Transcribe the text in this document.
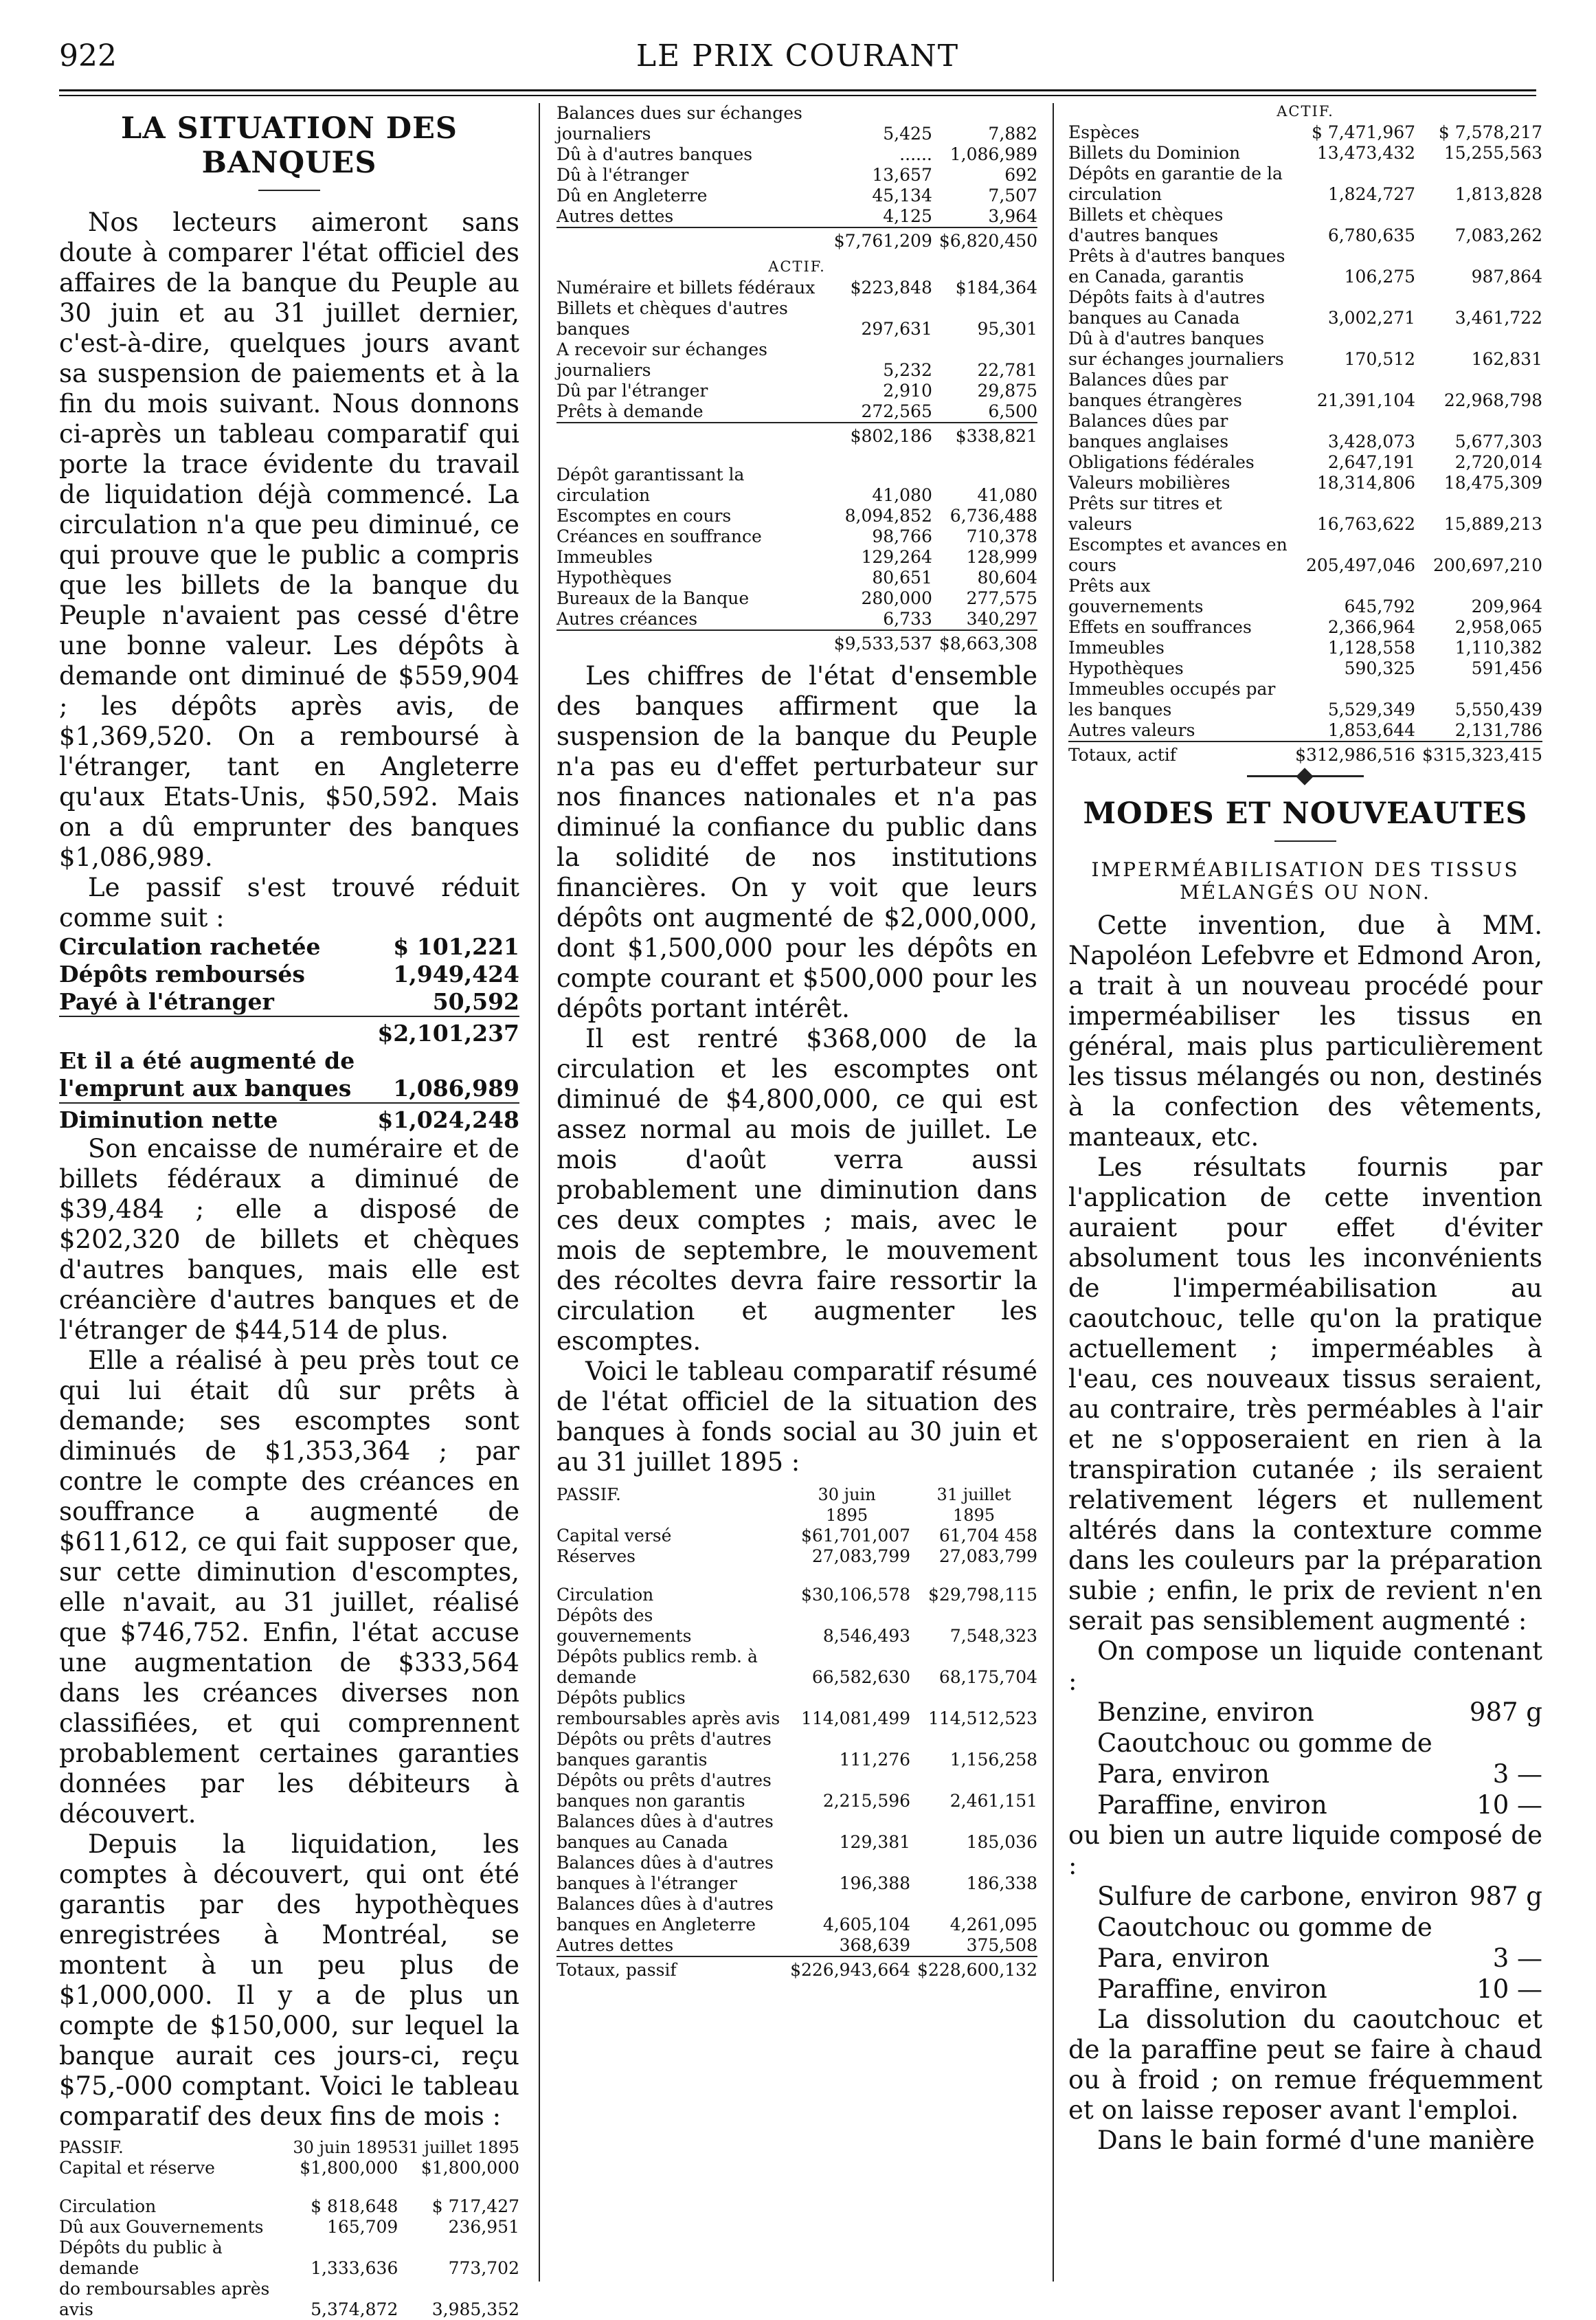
922	LE PRIX COURANT
LA SITUATION DES BANQUES

Nos lecteurs aimeront sans doute à comparer l'état officiel des affaires de la banque du Peuple au 30 juin et au 31 juillet dernier, c'est-à-dire, quelques jours avant sa suspension de paiements et à la fin du mois suivant. Nous donnons ci-après un tableau comparatif qui porte la trace évidente du travail de liquidation déjà commencé. La circulation n'a que peu diminué, ce qui prouve que le public a compris que les billets de la banque du Peuple n'avaient pas cessé d'être une bonne valeur. Les dépôts à demande ont diminué de $559,904 ; les dépôts après avis, de $1,369,520. On a remboursé à l'étranger, tant en Angleterre qu'aux Etats-Unis, $50,592. Mais on a dû emprunter des banques $1,086,989.

Le passif s'est trouvé réduit comme suit :

Circulation rachetée	$ 101,221
Dépôts remboursés	1,949,424
Payé à l'étranger	50,592
	$2,101,237
Et il a été augmenté de l'emprunt aux banques	1,086,989
Diminution nette	$1,024,248

Son encaisse de numéraire et de billets fédéraux a diminué de $39,484 ; elle a disposé de $202,320 de billets et chèques d'autres banques, mais elle est créancière d'autres banques et de l'étranger de $44,514 de plus.

Elle a réalisé à peu près tout ce qui lui était dû sur prêts à demande; ses escomptes sont diminués de $1,353,364 ; par contre le compte des créances en souffrance a augmenté de $611,612, ce qui fait supposer que, sur cette diminution d'escomptes, elle n'avait, au 31 juillet, réalisé que $746,752. Enfin, l'état accuse une augmentation de $333,564 dans les créances diverses non classifiées, et qui comprennent probablement certaines garanties données par les débiteurs à découvert.

Depuis la liquidation, les comptes à découvert, qui ont été garantis par des hypothèques enregistrées à Montréal, se montent à un peu plus de $1,000,000. Il y a de plus un compte de $150,000, sur lequel la banque aurait ces jours-ci, reçu $75,-000 comptant. Voici le tableau comparatif des deux fins de mois :

PASSIF.	30 juin 1895	31 juillet 1895
Capital et réserve	$1,800,000	$1,800,000

Circulation	$ 818,648	$ 717,427
Dû aux Gouvernements	165,709	236,951
Dépôts du public à demande	1,333,636	773,702
do remboursables après avis	5,374,872	3,985,352
Balances dues sur échanges journaliers	5,425	7,882
Dû à d'autres banques	......	1,086,989
Dû à l'étranger	13,657	692
Dû en Angleterre	45,134	7,507
Autres dettes	4,125	3,964
	$7,761,209	$6,820,450
ACTIF.
Numéraire et billets fédéraux	$223,848	$184,364
Billets et chèques d'autres banques	297,631	95,301
A recevoir sur échanges journaliers	5,232	22,781
Dû par l'étranger	2,910	29,875
Prêts à demande	272,565	6,500
	$802,186	$338,821

Dépôt garantissant la circulation	41,080	41,080
Escomptes en cours	8,094,852	6,736,488
Créances en souffrance	98,766	710,378
Immeubles	129,264	128,999
Hypothèques	80,651	80,604
Bureaux de la Banque	280,000	277,575
Autres créances	6,733	340,297
	$9,533,537	$8,663,308

Les chiffres de l'état d'ensemble des banques affirment que la suspension de la banque du Peuple n'a pas eu d'effet perturbateur sur nos finances nationales et n'a pas diminué la confiance du public dans la solidité de nos institutions financières. On y voit que leurs dépôts ont augmenté de $2,000,000, dont $1,500,000 pour les dépôts en compte courant et $500,000 pour les dépôts portant intérêt.

Il est rentré $368,000 de la circulation et les escomptes ont diminué de $4,800,000, ce qui est assez normal au mois de juillet. Le mois d'août verra aussi probablement une diminution dans ces deux comptes ; mais, avec le mois de septembre, le mouvement des récoltes devra faire ressortir la circulation et augmenter les escomptes.

Voici le tableau comparatif résumé de l'état officiel de la situation des banques à fonds social au 30 juin et au 31 juillet 1895 :

PASSIF.	30 juin	31 juillet
	1895	1895
Capital versé	$61,701,007	61,704 458
Réserves	27,083,799	27,083,799

Circulation	$30,106,578	$29,798,115
Dépôts des gouvernements	8,546,493	7,548,323
Dépôts publics remb. à demande	66,582,630	68,175,704
Dépôts publics remboursables après avis	114,081,499	114,512,523
Dépôts ou prêts d'autres banques garantis	111,276	1,156,258
Dépôts ou prêts d'autres banques non garantis	2,215,596	2,461,151
Balances dûes à d'autres banques au Canada	129,381	185,036
Balances dûes à d'autres banques à l'étranger	196,388	186,338
Balances dûes à d'autres banques en Angleterre	4,605,104	4,261,095
Autres dettes	368,639	375,508
Totaux, passif	$226,943,664	$228,600,132
ACTIF.
Espèces	$ 7,471,967	$ 7,578,217
Billets du Dominion	13,473,432	15,255,563
Dépôts en garantie de la circulation	1,824,727	1,813,828
Billets et chèques d'autres banques	6,780,635	7,083,262
Prêts à d'autres banques en Canada, garantis	106,275	987,864
Dépôts faits à d'autres banques au Canada	3,002,271	3,461,722
Dû à d'autres banques sur échanges journaliers	170,512	162,831
Balances dûes par banques étrangères	21,391,104	22,968,798
Balances dûes par banques anglaises	3,428,073	5,677,303
Obligations fédérales	2,647,191	2,720,014
Valeurs mobilières	18,314,806	18,475,309
Prêts sur titres et valeurs	16,763,622	15,889,213
Escomptes et avances en cours	205,497,046	200,697,210
Prêts aux gouvernements	645,792	209,964
Effets en souffrances	2,366,964	2,958,065
Immeubles	1,128,558	1,110,382
Hypothèques	590,325	591,456
Immeubles occupés par les banques	5,529,349	5,550,439
Autres valeurs	1,853,644	2,131,786
Totaux, actif	$312,986,516	$315,323,415
MODES ET NOUVEAUTES
IMPERMÉABILISATION DES TISSUS MÉLANGÉS OU NON.

Cette invention, due à MM. Napoléon Lefebvre et Edmond Aron, a trait à un nouveau procédé pour imperméabiliser les tissus en général, mais plus particulièrement les tissus mélangés ou non, destinés à la confection des vêtements, manteaux, etc.

Les résultats fournis par l'application de cette invention auraient pour effet d'éviter absolument tous les inconvénients de l'imperméabilisation au caoutchouc, telle qu'on la pratique actuellement ; imperméables à l'eau, ces nouveaux tissus seraient, au contraire, très perméables à l'air et ne s'opposeraient en rien à la transpiration cutanée ; ils seraient relativement légers et nullement altérés dans la contexture comme dans les couleurs par la préparation subie ; enfin, le prix de revient n'en serait pas sensiblement augmenté :

On compose un liquide contenant :

Benzine, environ	987 g
Caoutchouc ou gomme de Para, environ	3 —
Paraffine, environ	10 —

ou bien un autre liquide composé de :

Sulfure de carbone, environ	987 g
Caoutchouc ou gomme de Para, environ	3 —
Paraffine, environ	10 —

La dissolution du caoutchouc et de la paraffine peut se faire à chaud ou à froid ; on remue fréquemment et on laisse reposer avant l'emploi.

Dans le bain formé d'une manière
